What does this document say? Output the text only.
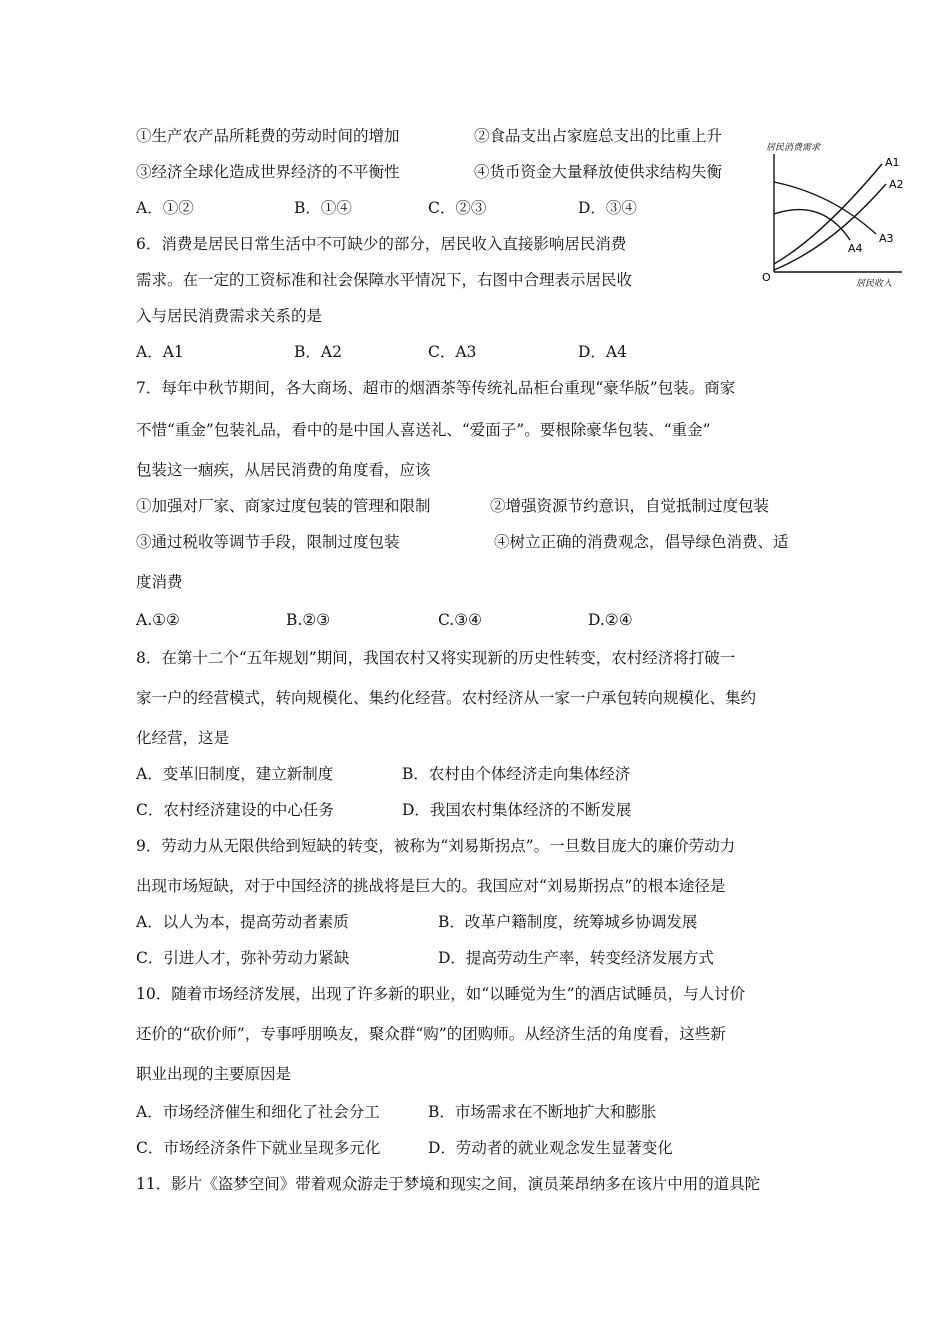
①生产农产品所耗费的劳动时间的增加	②食品支出占家庭总支出的比重上升
③经济全球化造成世界经济的不平衡性	④货币资金大量释放使供求结构失衡
A．①②	B．①④	C．②③	D．③④
6．消费是居民日常生活中不可缺少的部分，居民收入直接影响居民消费
需求。在一定的工资标准和社会保障水平情况下，右图中合理表示居民收
入与居民消费需求关系的是
A．A1	B．A2	C．A3	D．A4
居民消费需求
O	居民收入
A1
A2
A3
A4
7．每年中秋节期间，各大商场、超市的烟酒茶等传统礼品柜台重现“豪华版”包装。商家
不惜“重金”包装礼品，看中的是中国人喜送礼、“爱面子”。要根除豪华包装、“重金”
包装这一痼疾，从居民消费的角度看，应该
①加强对厂家、商家过度包装的管理和限制	②增强资源节约意识，自觉抵制过度包装
③通过税收等调节手段，限制过度包装	④树立正确的消费观念，倡导绿色消费、适
度消费
A.①②	B.②③	C.③④	D.②④
8．在第十二个“五年规划”期间，我国农村又将实现新的历史性转变，农村经济将打破一
家一户的经营模式，转向规模化、集约化经营。农村经济从一家一户承包转向规模化、集约
化经营，这是
A．变革旧制度，建立新制度	B．农村由个体经济走向集体经济
C．农村经济建设的中心任务	D．我国农村集体经济的不断发展
9．劳动力从无限供给到短缺的转变，被称为“刘易斯拐点”。一旦数目庞大的廉价劳动力
出现市场短缺，对于中国经济的挑战将是巨大的。我国应对“刘易斯拐点”的根本途径是
A．以人为本，提高劳动者素质	B．改革户籍制度，统筹城乡协调发展
C．引进人才，弥补劳动力紧缺	D．提高劳动生产率，转变经济发展方式
10．随着市场经济发展，出现了许多新的职业，如“以睡觉为生”的酒店试睡员，与人讨价
还价的“砍价师”，专事呼朋唤友，聚众群“购”的团购师。从经济生活的角度看，这些新
职业出现的主要原因是
A．市场经济催生和细化了社会分工	B．市场需求在不断地扩大和膨胀
C．市场经济条件下就业呈现多元化	D．劳动者的就业观念发生显著变化
11．影片《盗梦空间》带着观众游走于梦境和现实之间，演员莱昂纳多在该片中用的道具陀
